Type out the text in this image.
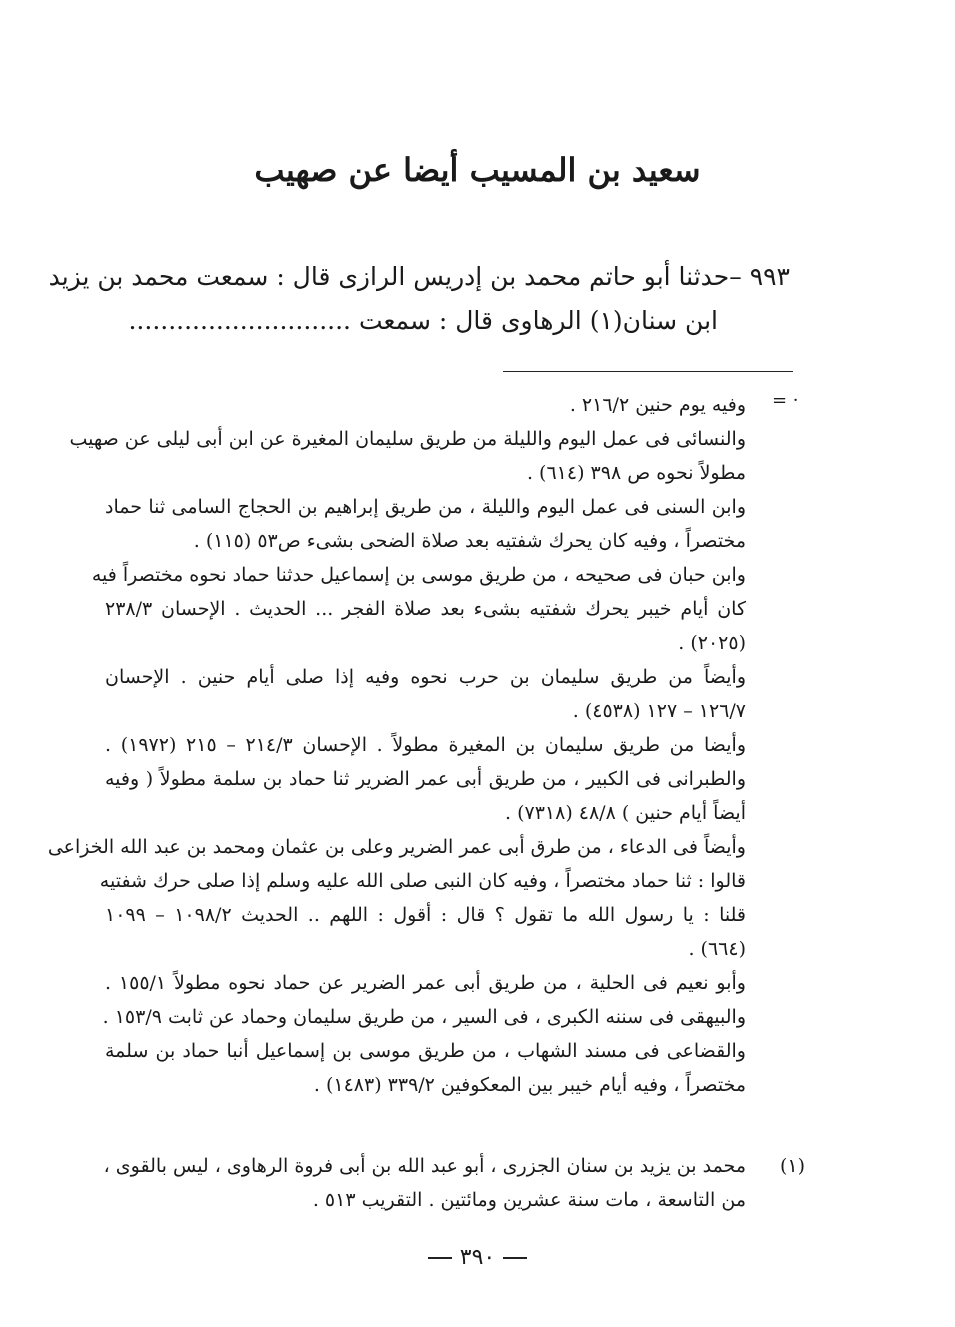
سعيد بن المسيب أيضا عن صهيب
٩٩٣ –حدثنا أبو حاتم محمد بن إدريس الرازى قال : سمعت محمد بن يزيد
ابن سنان(١) الرهاوى قال : سمعت ............................
= ·
وفيه يوم حنين ٢١٦/٢ .
والنسائى فى عمل اليوم والليلة من طريق سليمان المغيرة عن ابن أبى ليلى عن صهيب
مطولاً نحوه ص ٣٩٨ (٦١٤) .
وابن السنى فى عمل اليوم والليلة ، من طريق إبراهيم بن الحجاج السامى ثنا حماد
مختصراً ، وفيه كان يحرك شفتيه بعد صلاة الضحى بشىء ص٥٣ (١١٥) .
وابن حبان فى صحيحه ، من طريق موسى بن إسماعيل حدثنا حماد نحوه مختصراً فيه
كان أيام خيبر يحرك شفتيه بشىء بعد صلاة الفجر ... الحديث . الإحسان ٢٣٨/٣
(٢٠٢٥) .
وأيضاً من طريق سليمان بن حرب نحوه وفيه إذا صلى أيام حنين . الإحسان
١٢٦/٧ – ١٢٧ (٤٥٣٨) .
وأيضا من طريق سليمان بن المغيرة مطولاً . الإحسان ٢١٤/٣ – ٢١٥ (١٩٧٢) .
والطبرانى فى الكبير ، من طريق أبى عمر الضرير ثنا حماد بن سلمة مطولاً ( وفيه
أيضاً أيام حنين ) ٤٨/٨ (٧٣١٨) .
وأيضاً فى الدعاء ، من طرق أبى عمر الضرير وعلى بن عثمان ومحمد بن عبد الله الخزاعى
قالوا : ثنا حماد مختصراً ، وفيه كان النبى صلى الله عليه وسلم إذا صلى حرك شفتيه
قلنا : يا رسول الله ما تقول ؟ قال : أقول : اللهم .. الحديث ١٠٩٨/٢ – ١٠٩٩
(٦٦٤) .
وأبو نعيم فى الحلية ، من طريق أبى عمر الضرير عن حماد نحوه مطولاً ١٥٥/١ .
والبيهقى فى سننه الكبرى ، فى السير ، من طريق سليمان وحماد عن ثابت ١٥٣/٩ .
والقضاعى فى مسند الشهاب ، من طريق موسى بن إسماعيل أنبا حماد بن سلمة
مختصراً ، وفيه أيام خيبر بين المعكوفين ٣٣٩/٢ (١٤٨٣) .
(١)
محمد بن يزيد بن سنان الجزرى ، أبو عبد الله بن أبى فروة الرهاوى ، ليس بالقوى ،
من التاسعة ، مات سنة عشرين ومائتين . التقريب ٥١٣ .
٣٩٠
